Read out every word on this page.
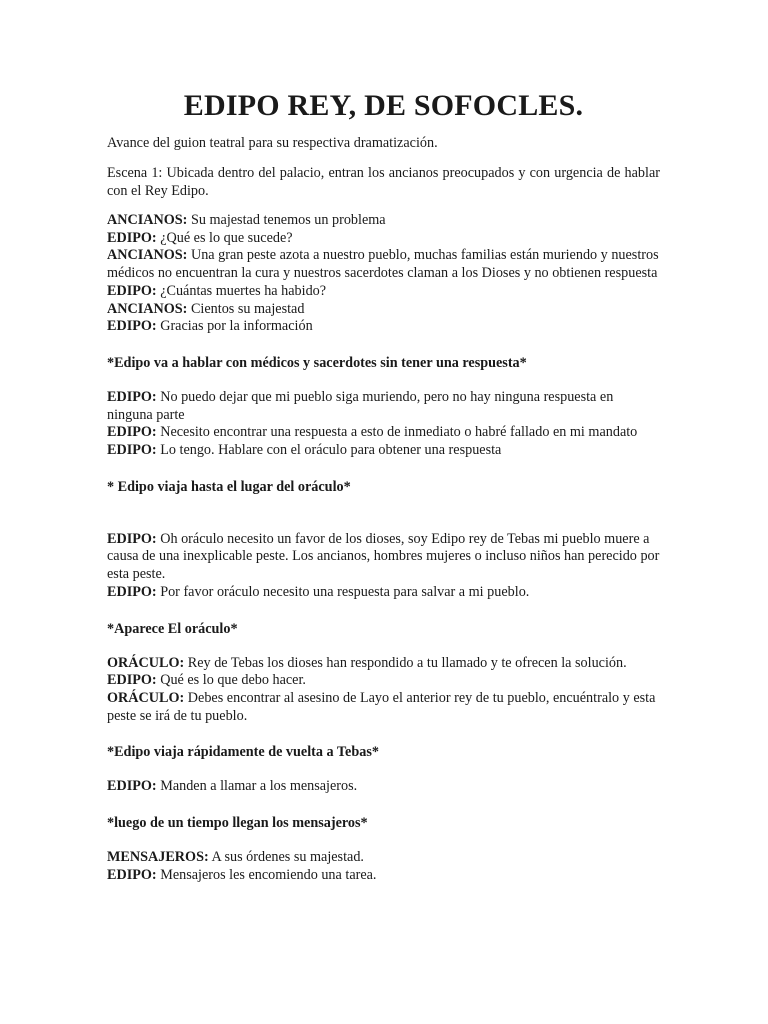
EDIPO REY, DE SOFOCLES.

Avance del guion teatral para su respectiva dramatización.

Escena 1: Ubicada dentro del palacio, entran los ancianos preocupados y con urgencia de hablar con el Rey Edipo.

ANCIANOS: Su majestad tenemos un problema
EDIPO: ¿Qué es lo que sucede?
ANCIANOS: Una gran peste azota a nuestro pueblo, muchas familias están muriendo y nuestros médicos no encuentran la cura y nuestros sacerdotes claman a los Dioses y no obtienen respuesta
EDIPO: ¿Cuántas muertes ha habido?
ANCIANOS: Cientos su majestad
EDIPO: Gracias por la información

*Edipo va a hablar con médicos y sacerdotes sin tener una respuesta*

EDIPO: No puedo dejar que mi pueblo siga muriendo, pero no hay ninguna respuesta en ninguna parte
EDIPO: Necesito encontrar una respuesta a esto de inmediato o habré fallado en mi mandato
EDIPO: Lo tengo. Hablare con el oráculo para obtener una respuesta

* Edipo viaja hasta el lugar del oráculo*

EDIPO: Oh oráculo necesito un favor de los dioses, soy Edipo rey de Tebas mi pueblo muere a causa de una inexplicable peste. Los ancianos, hombres mujeres o incluso niños han perecido por esta peste.
EDIPO: Por favor oráculo necesito una respuesta para salvar a mi pueblo.

*Aparece El oráculo*

ORÁCULO: Rey de Tebas los dioses han respondido a tu llamado y te ofrecen la solución.
EDIPO: Qué es lo que debo hacer.
ORÁCULO: Debes encontrar al asesino de Layo el anterior rey de tu pueblo, encuéntralo y esta peste se irá de tu pueblo.

*Edipo viaja rápidamente de vuelta a Tebas*

EDIPO: Manden a llamar a los mensajeros.

*luego de un tiempo llegan los mensajeros*

MENSAJEROS: A sus órdenes su majestad.
EDIPO: Mensajeros les encomiendo una tarea.
